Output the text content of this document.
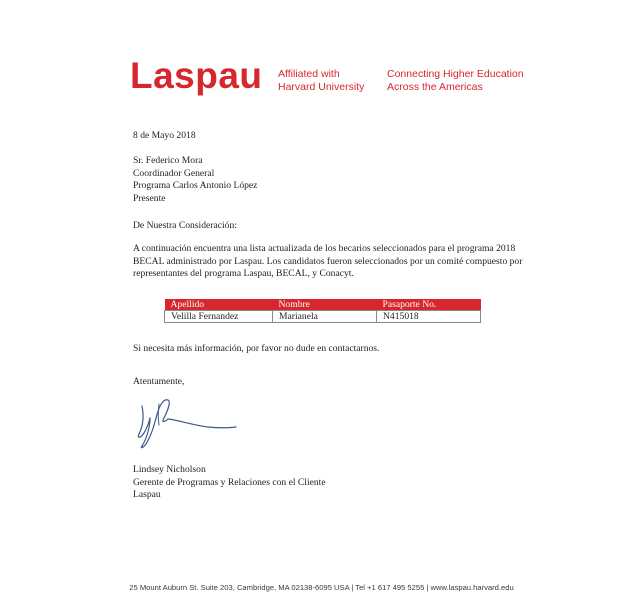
Laspau Affiliated with
Harvard University
Connecting Higher Education
Across the Americas
8 de Mayo 2018
Sr. Federico Mora
Coordinador General
Programa Carlos Antonio López
Presente
De Nuestra Consideración:
A continuación encuentra una lista actualizada de los becarios seleccionados para el programa 2018 BECAL administrado por Laspau. Los candidatos fueron seleccionados por un comité compuesto por representantes del programa Laspau, BECAL, y Conacyt.
Apellido	Nombre	Pasaporte No.
Velilla Fernandez	Marianela	N415018
Si necesita más información, por favor no dude en contactarnos.
Atentamente,
Lindsey Nicholson
Gerente de Programas y Relaciones con el Cliente
Laspau
25 Mount Auburn St. Suite 203, Cambridge, MA 02138-6095 USA | Tel +1 617 495 5255 | www.laspau.harvard.edu
